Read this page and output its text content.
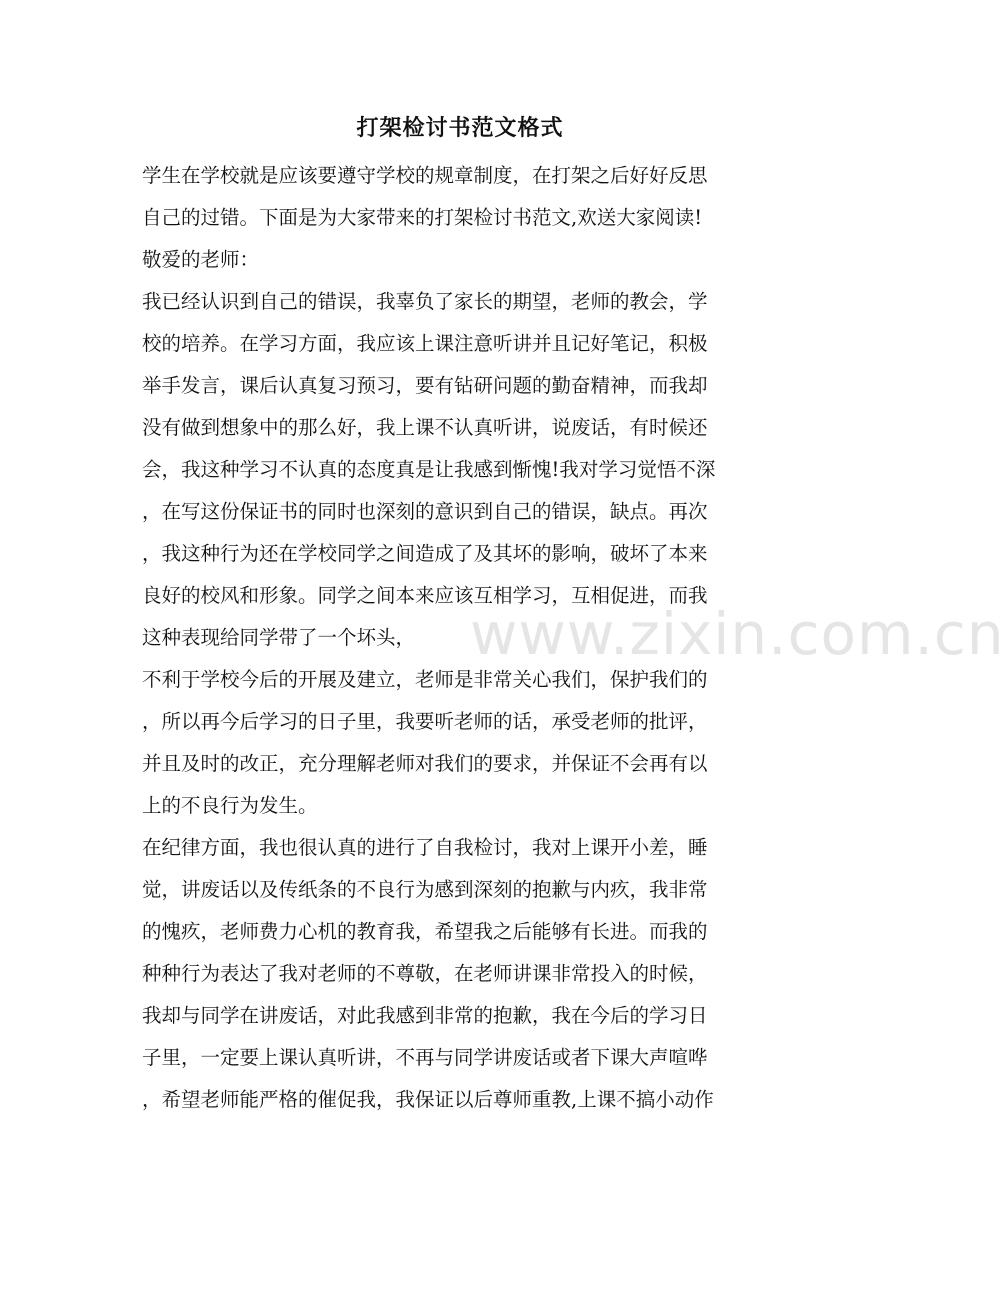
打架检讨书范文格式
学生在学校就是应该要遵守学校的规章制度，在打架之后好好反思
自己的过错。下面是为大家带来的打架检讨书范文,欢送大家阅读!
敬爱的老师：
我已经认识到自己的错误，我辜负了家长的期望，老师的教会，学
校的培养。在学习方面，我应该上课注意听讲并且记好笔记，积极
举手发言，课后认真复习预习，要有钻研问题的勤奋精神，而我却
没有做到想象中的那么好，我上课不认真听讲，说废话，有时候还
会，我这种学习不认真的态度真是让我感到惭愧!我对学习觉悟不深
，在写这份保证书的同时也深刻的意识到自己的错误，缺点。再次
，我这种行为还在学校同学之间造成了及其坏的影响，破坏了本来
良好的校风和形象。同学之间本来应该互相学习，互相促进，而我
这种表现给同学带了一个坏头，
不利于学校今后的开展及建立，老师是非常关心我们，保护我们的
，所以再今后学习的日子里，我要听老师的话，承受老师的批评，
并且及时的改正，充分理解老师对我们的要求，并保证不会再有以
上的不良行为发生。
在纪律方面，我也很认真的进行了自我检讨，我对上课开小差，睡
觉，讲废话以及传纸条的不良行为感到深刻的抱歉与内疚，我非常
的愧疚，老师费力心机的教育我，希望我之后能够有长进。而我的
种种行为表达了我对老师的不尊敬，在老师讲课非常投入的时候，
我却与同学在讲废话，对此我感到非常的抱歉，我在今后的学习日
子里，一定要上课认真听讲，不再与同学讲废话或者下课大声喧哗
，希望老师能严格的催促我，我保证以后尊师重教,上课不搞小动作
www.zixin.com.cn
